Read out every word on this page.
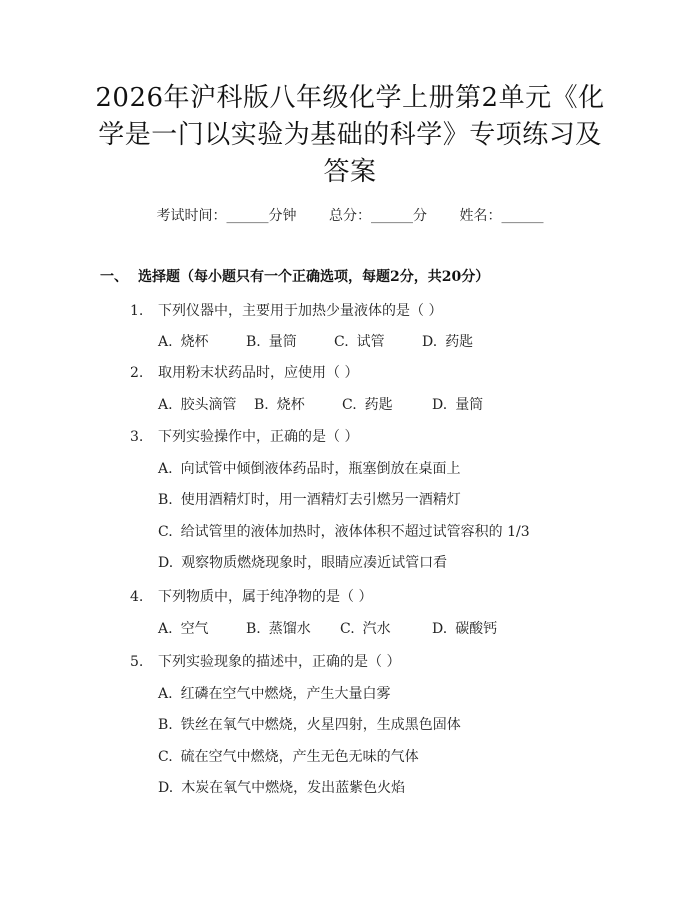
2026年沪科版八年级化学上册第2单元《化
学是一门以实验为基础的科学》专项练习及
答案
考试时间：______分钟 总分：______分 姓名：______
一、 选择题（每小题只有一个正确选项，每题2分，共20分）
1. 下列仪器中，主要用于加热少量液体的是（ ）
A. 烧杯	B. 量筒	C. 试管	D. 药匙
2. 取用粉末状药品时，应使用（ ）
A. 胶头滴管 B. 烧杯	C. 药匙	D. 量筒
3. 下列实验操作中，正确的是（ ）
A. 向试管中倾倒液体药品时，瓶塞倒放在桌面上
B. 使用酒精灯时，用一酒精灯去引燃另一酒精灯
C. 给试管里的液体加热时，液体体积不超过试管容积的 1/3
D. 观察物质燃烧现象时，眼睛应凑近试管口看
4. 下列物质中，属于纯净物的是（ ）
A. 空气	B. 蒸馏水 C. 汽水	D. 碳酸钙
5. 下列实验现象的描述中，正确的是（ ）
A. 红磷在空气中燃烧，产生大量白雾
B. 铁丝在氧气中燃烧，火星四射，生成黑色固体
C. 硫在空气中燃烧，产生无色无味的气体
D. 木炭在氧气中燃烧，发出蓝紫色火焰
